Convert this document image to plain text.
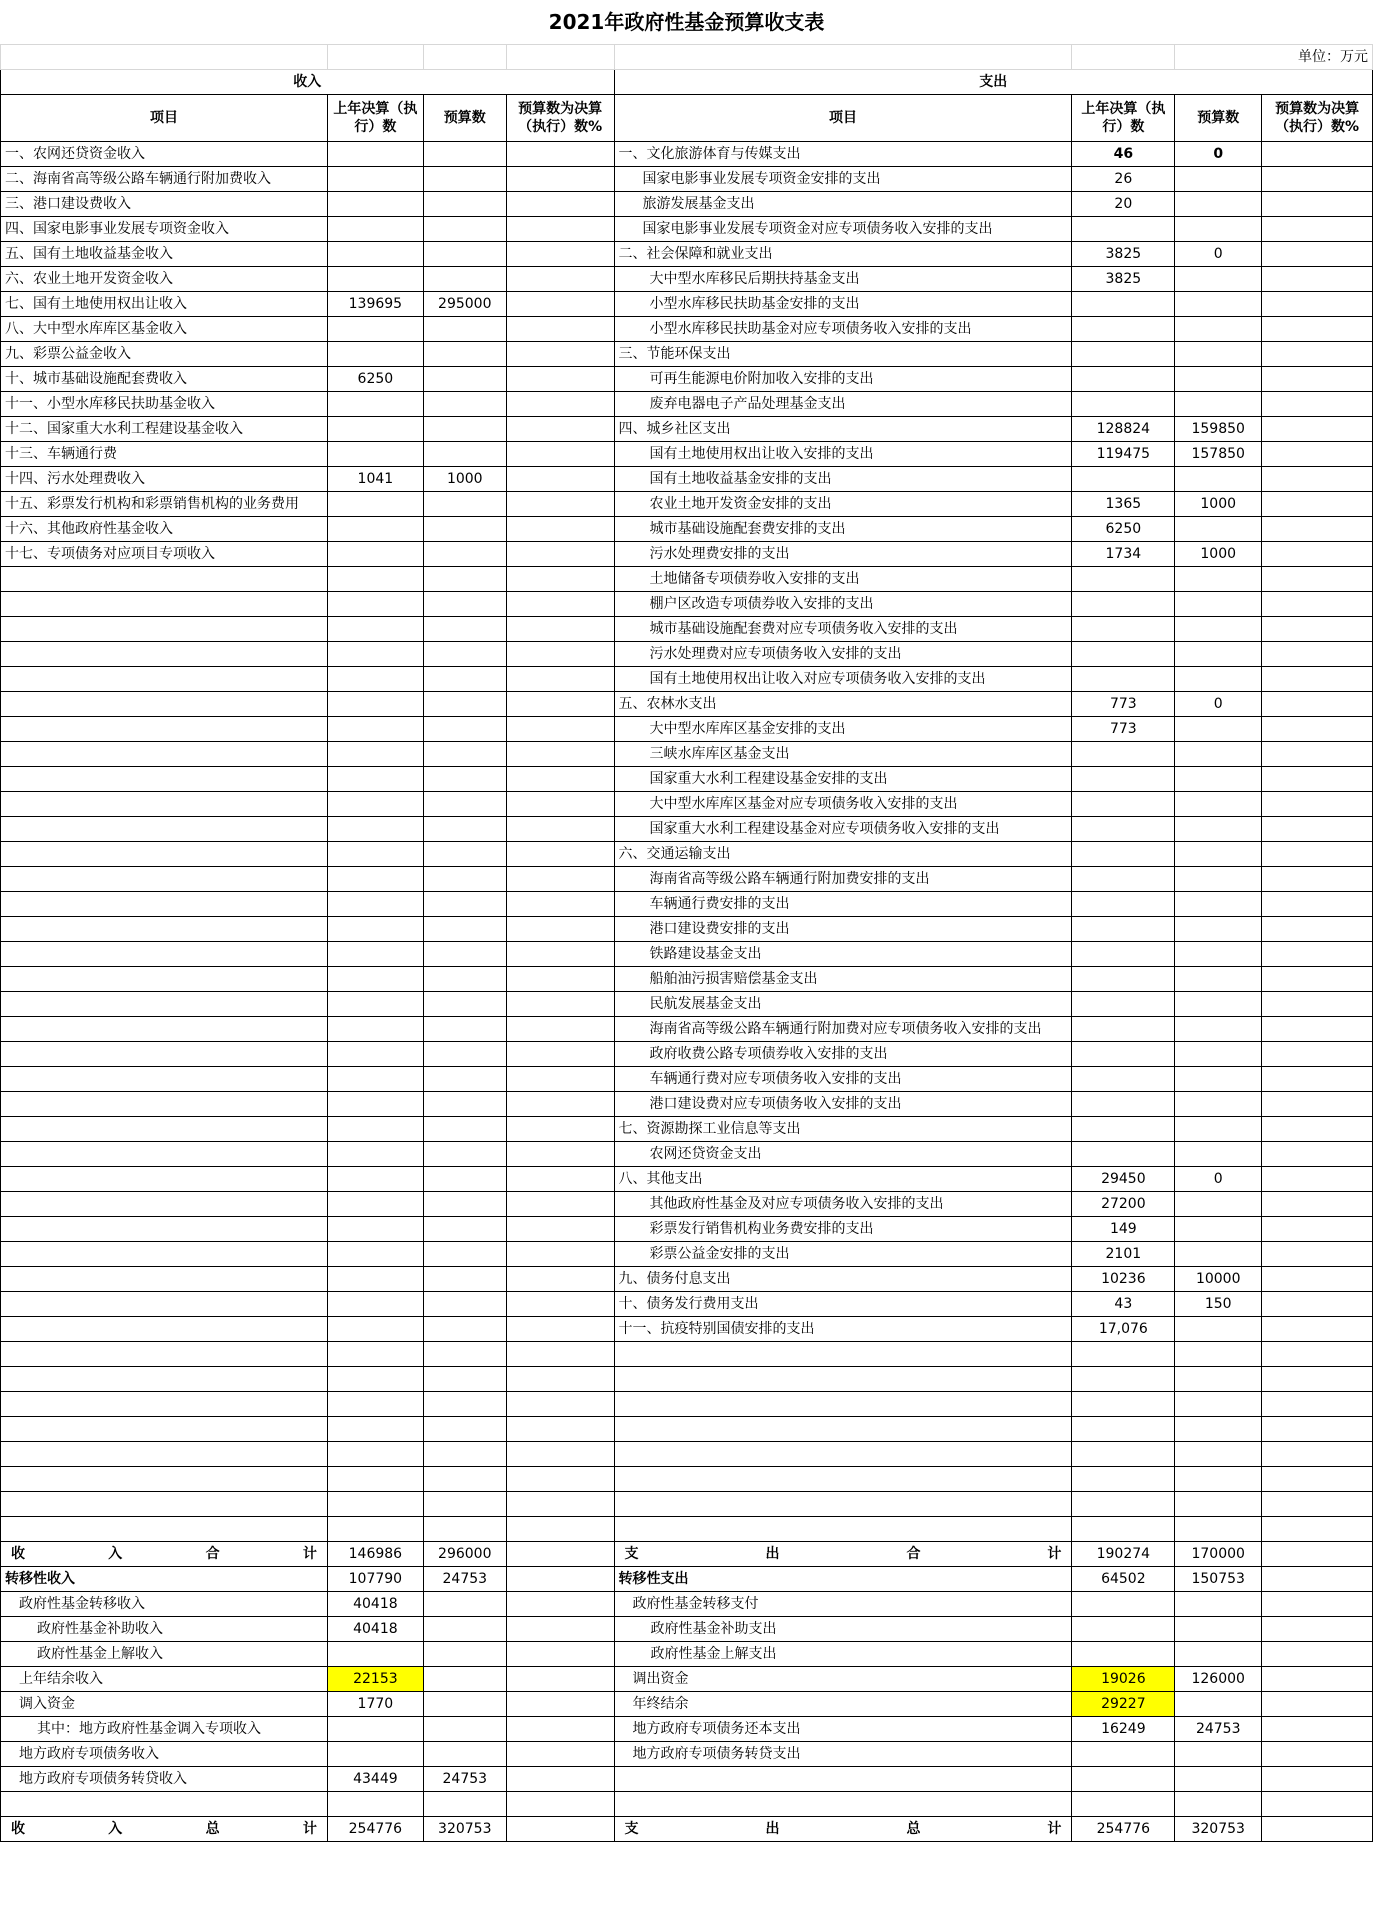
2021年政府性基金预算收支表							
						单位：万元	
收入				支出			
项目	上年决算（执行）数	预算数	预算数为决算（执行）数%	项目	上年决算（执行）数	预算数	预算数为决算（执行）数%
一、农网还贷资金收入				一、文化旅游体育与传媒支出	46	0	
二、海南省高等级公路车辆通行附加费收入				国家电影事业发展专项资金安排的支出	26		
三、港口建设费收入				旅游发展基金支出	20		
四、国家电影事业发展专项资金收入				国家电影事业发展专项资金对应专项债务收入安排的支出			
五、国有土地收益基金收入				二、社会保障和就业支出	3825	0	
六、农业土地开发资金收入				大中型水库移民后期扶持基金支出	3825		
七、国有土地使用权出让收入	139695	295000		小型水库移民扶助基金安排的支出			
八、大中型水库库区基金收入				小型水库移民扶助基金对应专项债务收入安排的支出			
九、彩票公益金收入				三、节能环保支出			
十、城市基础设施配套费收入	6250			可再生能源电价附加收入安排的支出			
十一、小型水库移民扶助基金收入				废弃电器电子产品处理基金支出			
十二、国家重大水利工程建设基金收入				四、城乡社区支出	128824	159850	
十三、车辆通行费				国有土地使用权出让收入安排的支出	119475	157850	
十四、污水处理费收入	1041	1000		国有土地收益基金安排的支出			
十五、彩票发行机构和彩票销售机构的业务费用				农业土地开发资金安排的支出	1365	1000	
十六、其他政府性基金收入				城市基础设施配套费安排的支出	6250		
十七、专项债务对应项目专项收入				污水处理费安排的支出	1734	1000	
				土地储备专项债券收入安排的支出			
				棚户区改造专项债券收入安排的支出			
				城市基础设施配套费对应专项债务收入安排的支出			
				污水处理费对应专项债务收入安排的支出			
				国有土地使用权出让收入对应专项债务收入安排的支出			
				五、农林水支出	773	0	
				大中型水库库区基金安排的支出	773		
				三峡水库库区基金支出			
				国家重大水利工程建设基金安排的支出			
				大中型水库库区基金对应专项债务收入安排的支出			
				国家重大水利工程建设基金对应专项债务收入安排的支出			
				六、交通运输支出			
				海南省高等级公路车辆通行附加费安排的支出			
				车辆通行费安排的支出			
				港口建设费安排的支出			
				铁路建设基金支出			
				船舶油污损害赔偿基金支出			
				民航发展基金支出			
				海南省高等级公路车辆通行附加费对应专项债务收入安排的支出			
				政府收费公路专项债券收入安排的支出			
				车辆通行费对应专项债务收入安排的支出			
				港口建设费对应专项债务收入安排的支出			
				七、资源勘探工业信息等支出			
				农网还贷资金支出			
				八、其他支出	29450	0	
				其他政府性基金及对应专项债务收入安排的支出	27200		
				彩票发行销售机构业务费安排的支出	149		
				彩票公益金安排的支出	2101		
				九、债务付息支出	10236	10000	
				十、债务发行费用支出	43	150	
				十一、抗疫特别国债安排的支出	17,076		

收 入 合 计	146986	296000		支 出 合 计	190274	170000	
转移性收入	107790	24753		转移性支出	64502	150753	
政府性基金转移收入	40418			政府性基金转移支付			
政府性基金补助收入	40418			政府性基金补助支出			
政府性基金上解收入				政府性基金上解支出			
上年结余收入	22153			调出资金	19026	126000	
调入资金	1770			年终结余	29227		
其中：地方政府性基金调入专项收入				地方政府专项债务还本支出	16249	24753	
地方政府专项债务收入				地方政府专项债务转贷支出			
地方政府专项债务转贷收入	43449	24753					

收 入 总 计	254776	320753		支 出 总 计	254776	320753	
